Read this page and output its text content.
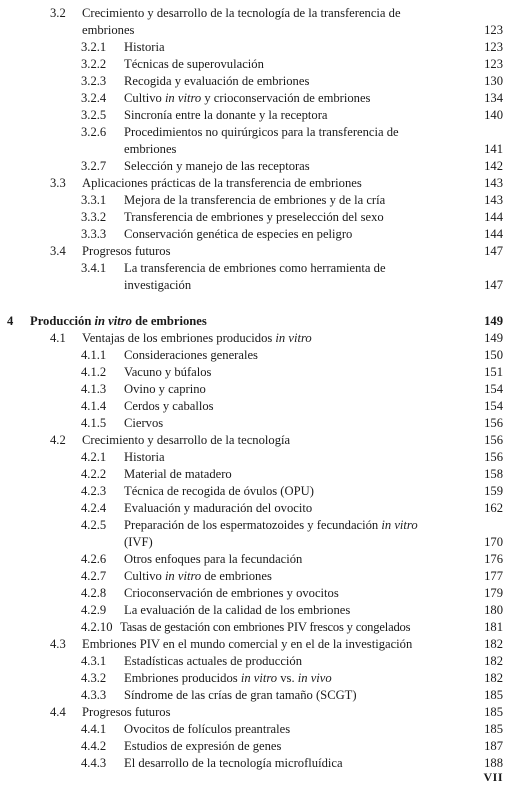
3.2 Crecimiento y desarrollo de la tecnología de la transferencia de embriones	123
3.2.1 Historia	123
3.2.2 Técnicas de superovulación	123
3.2.3 Recogida y evaluación de embriones	130
3.2.4 Cultivo in vitro y crioconservación de embriones	134
3.2.5 Sincronía entre la donante y la receptora	140
3.2.6 Procedimientos no quirúrgicos para la transferencia de embriones	141
3.2.7 Selección y manejo de las receptoras	142
3.3 Aplicaciones prácticas de la transferencia de embriones	143
3.3.1 Mejora de la transferencia de embriones y de la cría	143
3.3.2 Transferencia de embriones y preselección del sexo	144
3.3.3 Conservación genética de especies en peligro	144
3.4 Progresos futuros	147
3.4.1 La transferencia de embriones como herramienta de investigación	147
4 Producción in vitro de embriones	149
4.1 Ventajas de los embriones producidos in vitro	149
4.1.1 Consideraciones generales	150
4.1.2 Vacuno y búfalos	151
4.1.3 Ovino y caprino	154
4.1.4 Cerdos y caballos	154
4.1.5 Ciervos	156
4.2 Crecimiento y desarrollo de la tecnología	156
4.2.1 Historia	156
4.2.2 Material de matadero	158
4.2.3 Técnica de recogida de óvulos (OPU)	159
4.2.4 Evaluación y maduración del ovocito	162
4.2.5 Preparación de los espermatozoides y fecundación in vitro (IVF)	170
4.2.6 Otros enfoques para la fecundación	176
4.2.7 Cultivo in vitro de embriones	177
4.2.8 Crioconservación de embriones y ovocitos	179
4.2.9 La evaluación de la calidad de los embriones	180
4.2.10 Tasas de gestación con embriones PIV frescos y congelados	181
4.3 Embriones PIV en el mundo comercial y en el de la investigación	182
4.3.1 Estadísticas actuales de producción	182
4.3.2 Embriones producidos in vitro vs. in vivo	182
4.3.3 Síndrome de las crías de gran tamaño (SCGT)	185
4.4 Progresos futuros	185
4.4.1 Ovocitos de folículos preantrales	185
4.4.2 Estudios de expresión de genes	187
4.4.3 El desarrollo de la tecnología microfluídica	188
VII
